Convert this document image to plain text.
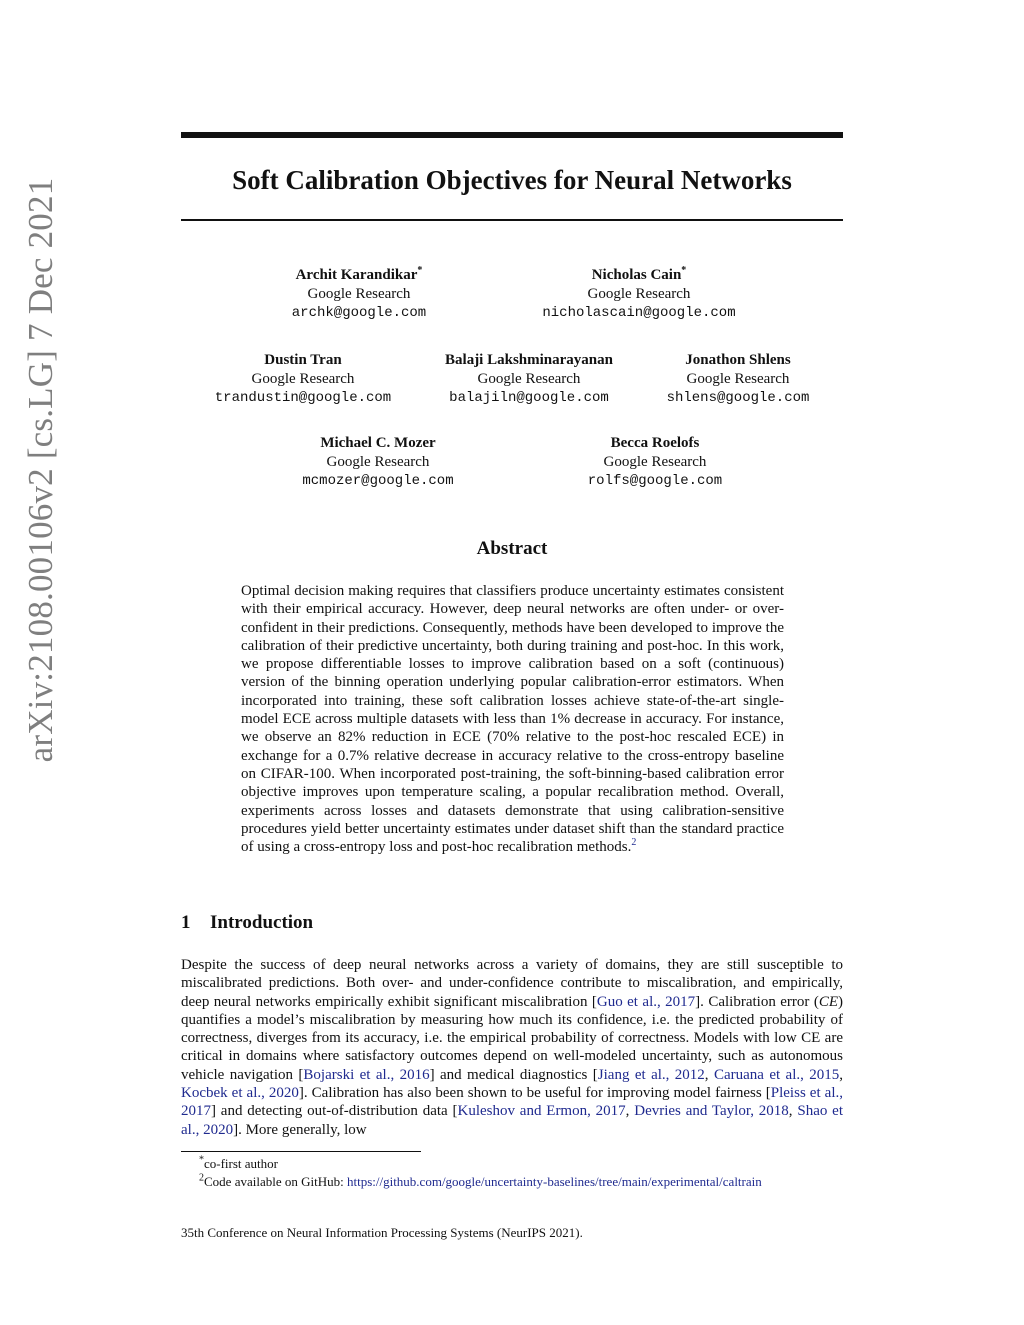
arXiv:2108.00106v2 [cs.LG] 7 Dec 2021	Soft Calibration Objectives for Neural Networks
Archit Karandikar*
Google Research
archk@google.com
Nicholas Cain*
Google Research
nicholascain@google.com
Dustin Tran
Google Research
trandustin@google.com
Balaji Lakshminarayanan
Google Research
balajiln@google.com
Jonathon Shlens
Google Research
shlens@google.com
Michael C. Mozer
Google Research
mcmozer@google.com
Becca Roelofs
Google Research
rolfs@google.com
Abstract

Optimal decision making requires that classifiers produce uncertainty estimates consistent with their empirical accuracy. However, deep neural networks are often under- or over-confident in their predictions. Consequently, methods have been developed to improve the calibration of their predictive uncertainty, both during training and post-hoc. In this work, we propose differentiable losses to improve calibration based on a soft (continuous) version of the binning operation underlying popular calibration-error estimators. When incorporated into training, these soft calibration losses achieve state-of-the-art single-model ECE across multiple datasets with less than 1% decrease in accuracy. For instance, we observe an 82% reduction in ECE (70% relative to the post-hoc rescaled ECE) in exchange for a 0.7% relative decrease in accuracy relative to the cross-entropy baseline on CIFAR-100. When incorporated post-training, the soft-binning-based calibration error objective improves upon temperature scaling, a popular recalibration method. Overall, experiments across losses and datasets demonstrate that using calibration-sensitive procedures yield better uncertainty estimates under dataset shift than the standard practice of using a cross-entropy loss and post-hoc recalibration methods.$^2$

1 Introduction

Despite the success of deep neural networks across a variety of domains, they are still susceptible to miscalibrated predictions. Both over- and under-confidence contribute to miscalibration, and empirically, deep neural networks empirically exhibit significant miscalibration [Guo et al., 2017]. Calibration error (CE) quantifies a model’s miscalibration by measuring how much its confidence, i.e. the predicted probability of correctness, diverges from its accuracy, i.e. the empirical probability of correctness. Models with low CE are critical in domains where satisfactory outcomes depend on well-modeled uncertainty, such as autonomous vehicle navigation [Bojarski et al., 2016] and medical diagnostics [Jiang et al., 2012, Caruana et al., 2015, Kocbek et al., 2020]. Calibration has also been shown to be useful for improving model fairness [Pleiss et al., 2017] and detecting out-of-distribution data [Kuleshov and Ermon, 2017, Devries and Taylor, 2018, Shao et al., 2020]. More generally, low

*co-first author
$^2$Code available on GitHub: https://github.com/google/uncertainty-baselines/tree/main/experimental/caltrain
35th Conference on Neural Information Processing Systems (NeurIPS 2021).
